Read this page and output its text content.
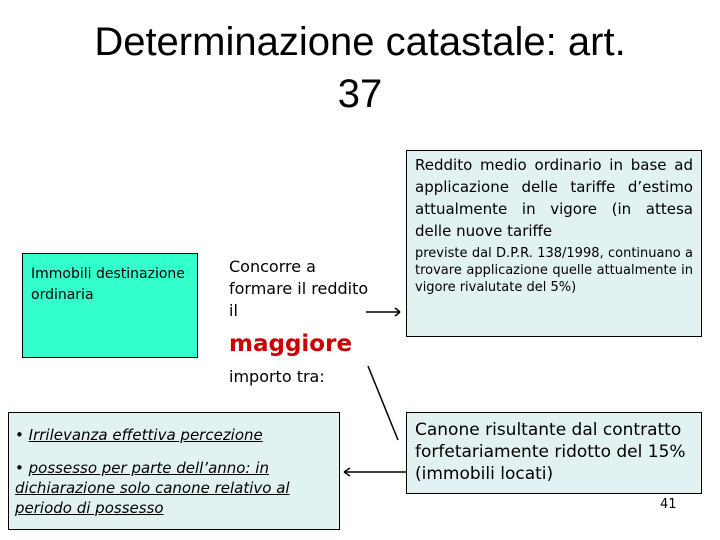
Determinazione catastale: art.
37
Reddito medio ordinario in base ad applicazione delle tariffe d’estimo attualmente in vigore (in attesa delle nuove tariffe
previste dal D.P.R. 138/1998, continuano a trovare applicazione quelle attualmente in vigore rivalutate del 5%)
Immobili destinazione ordinaria
Concorre a formare il reddito il
maggiore
importo tra:
Canone risultante dal contratto forfetariamente ridotto del 15% (immobili locati)
• Irrilevanza effettiva percezione
• possesso per parte dell’anno: in dichiarazione solo canone relativo al periodo di possesso	41
